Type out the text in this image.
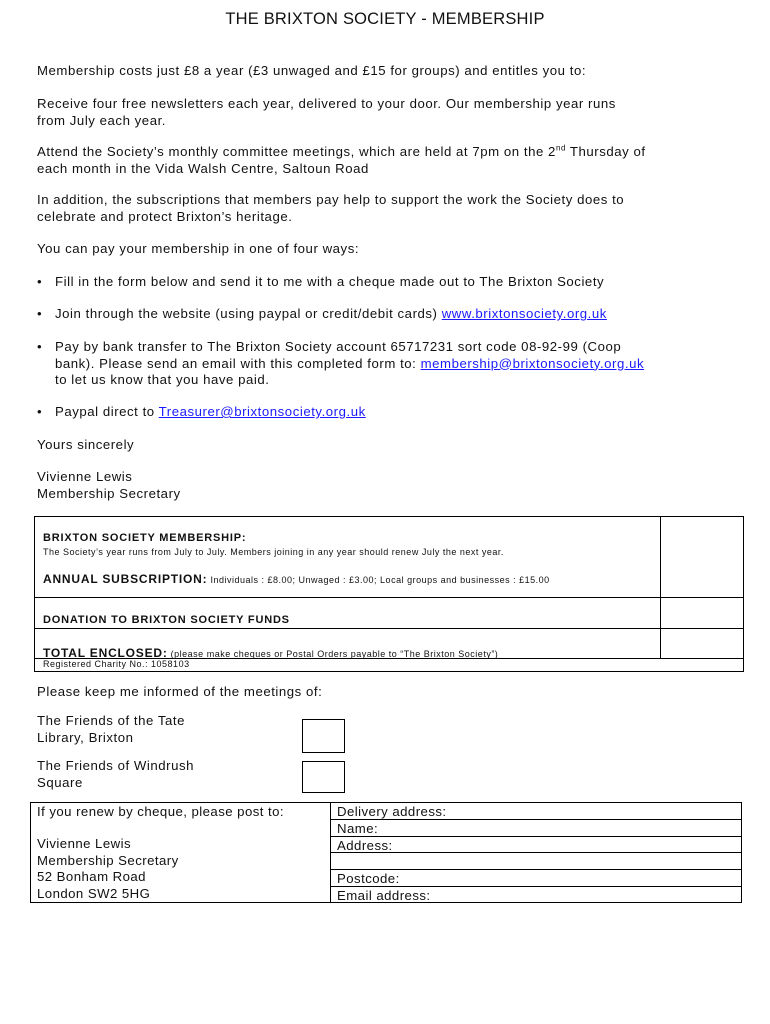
THE BRIXTON SOCIETY - MEMBERSHIP
Membership costs just £8 a year (£3 unwaged and £15 for groups) and entitles you to:
Receive four free newsletters each year, delivered to your door. Our membership year runs
from July each year.
Attend the Society’s monthly committee meetings, which are held at 7pm on the 2nd Thursday of
each month in the Vida Walsh Centre, Saltoun Road
In addition, the subscriptions that members pay help to support the work the Society does to
celebrate and protect Brixton’s heritage.
You can pay your membership in one of four ways:
• Fill in the form below and send it to me with a cheque made out to The Brixton Society
• Join through the website (using paypal or credit/debit cards) www.brixtonsociety.org.uk
• Pay by bank transfer to The Brixton Society account 65717231 sort code 08-92-99 (Coop
bank). Please send an email with this completed form to: membership@brixtonsociety.org.uk
to let us know that you have paid.
• Paypal direct to Treasurer@brixtonsociety.org.uk
Yours sincerely
Vivienne Lewis
Membership Secretary
BRIXTON SOCIETY MEMBERSHIP:
The Society’s year runs from July to July. Members joining in any year should renew July the next year.
ANNUAL SUBSCRIPTION: Individuals : £8.00; Unwaged : £3.00; Local groups and businesses : £15.00
DONATION TO BRIXTON SOCIETY FUNDS
TOTAL ENCLOSED: (please make cheques or Postal Orders payable to “The Brixton Society”)
Registered Charity No.: 1058103
Please keep me informed of the meetings of:
The Friends of the Tate
Library, Brixton
The Friends of Windrush
Square
If you renew by cheque, please post to:
Vivienne Lewis
Membership Secretary
52 Bonham Road
London SW2 5HG
Delivery address:
Name:
Address:
Postcode:
Email address:
